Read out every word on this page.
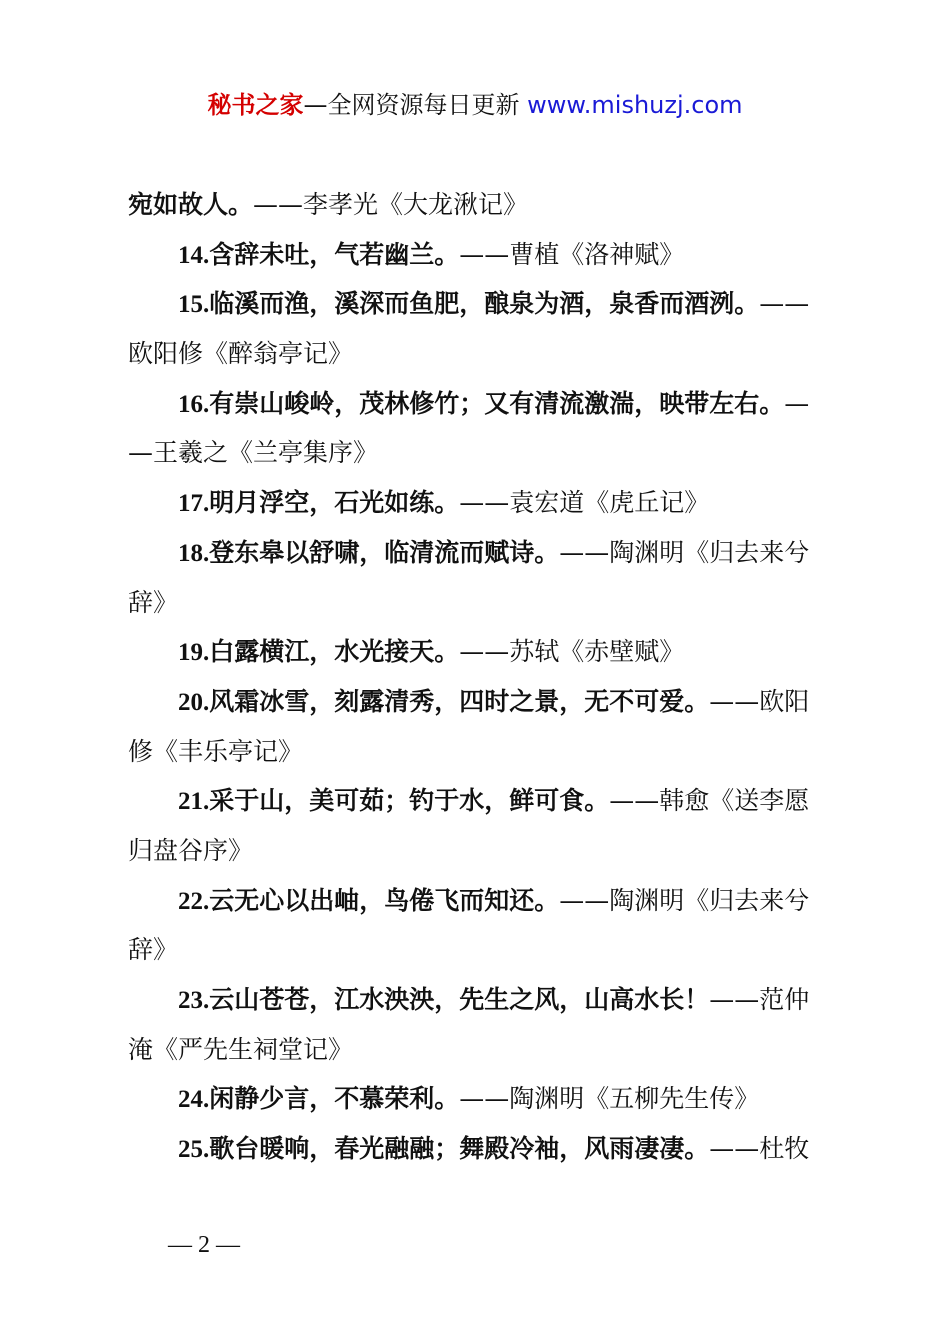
秘书之家—全网资源每日更新 www.mishuzj.com
宛如故人。——李孝光《大龙湫记》
14.含辞未吐，气若幽兰。——曹植《洛神赋》
15.临溪而渔，溪深而鱼肥，酿泉为酒，泉香而酒洌。——
欧阳修《醉翁亭记》
16.有崇山峻岭，茂林修竹；又有清流激湍，映带左右。—
—王羲之《兰亭集序》
17.明月浮空，石光如练。——袁宏道《虎丘记》
18.登东皋以舒啸，临清流而赋诗。——陶渊明《归去来兮
辞》
19.白露横江，水光接天。——苏轼《赤壁赋》
20.风霜冰雪，刻露清秀，四时之景，无不可爱。——欧阳
修《丰乐亭记》
21.采于山，美可茹；钓于水，鲜可食。——韩愈《送李愿
归盘谷序》
22.云无心以出岫，鸟倦飞而知还。——陶渊明《归去来兮
辞》
23.云山苍苍，江水泱泱，先生之风，山高水长！——范仲
淹《严先生祠堂记》
24.闲静少言，不慕荣利。——陶渊明《五柳先生传》
25.歌台暖响，春光融融；舞殿冷袖，风雨凄凄。——杜牧
— 2 —
